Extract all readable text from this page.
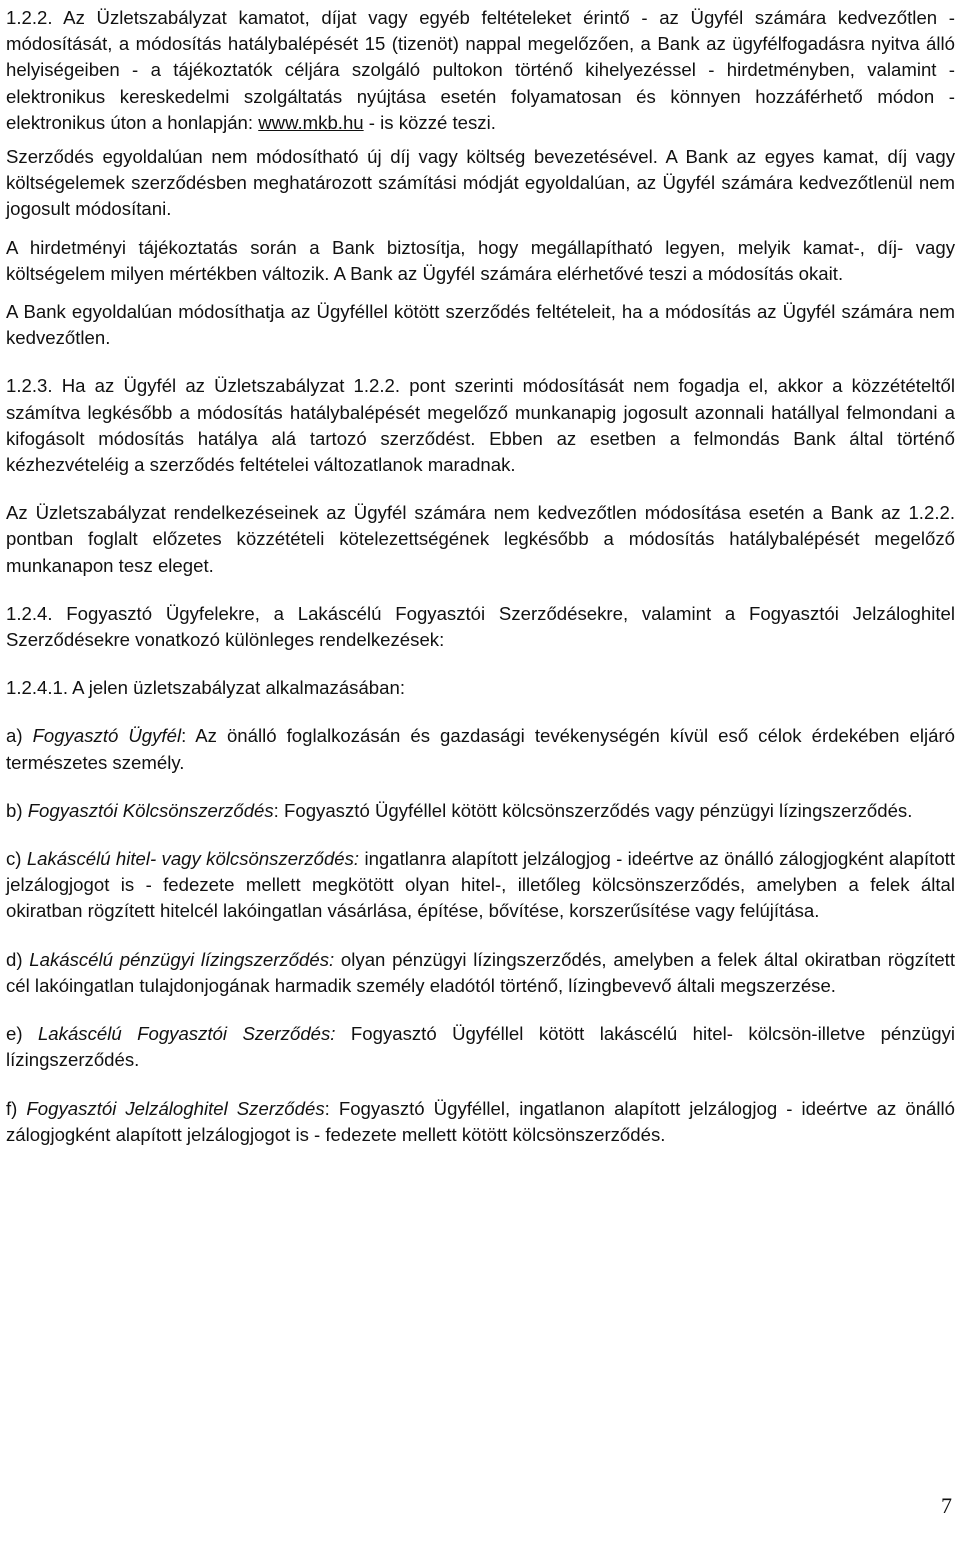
1.2.2. Az Üzletszabályzat kamatot, díjat vagy egyéb feltételeket érintő - az Ügyfél számára kedvezőtlen - módosítását, a módosítás hatálybalépését 15 (tizenöt) nappal megelőzően, a Bank az ügyfélfogadásra nyitva álló helyiségeiben - a tájékoztatók céljára szolgáló pultokon történő kihelyezéssel - hirdetményben, valamint - elektronikus kereskedelmi szolgáltatás nyújtása esetén folyamatosan és könnyen hozzáférhető módon - elektronikus úton a honlapján: www.mkb.hu - is közzé teszi.

Szerződés egyoldalúan nem módosítható új díj vagy költség bevezetésével. A Bank az egyes kamat, díj vagy költségelemek szerződésben meghatározott számítási módját egyoldalúan, az Ügyfél számára kedvezőtlenül nem jogosult módosítani.

A hirdetményi tájékoztatás során a Bank biztosítja, hogy megállapítható legyen, melyik kamat-, díj- vagy költségelem milyen mértékben változik. A Bank az Ügyfél számára elérhetővé teszi a módosítás okait.

A Bank egyoldalúan módosíthatja az Ügyféllel kötött szerződés feltételeit, ha a módosítás az Ügyfél számára nem kedvezőtlen.

1.2.3. Ha az Ügyfél az Üzletszabályzat 1.2.2. pont szerinti módosítását nem fogadja el, akkor a közzétételtől számítva legkésőbb a módosítás hatálybalépését megelőző munkanapig jogosult azonnali hatállyal felmondani a kifogásolt módosítás hatálya alá tartozó szerződést. Ebben az esetben a felmondás Bank által történő kézhezvételéig a szerződés feltételei változatlanok maradnak.

Az Üzletszabályzat rendelkezéseinek az Ügyfél számára nem kedvezőtlen módosítása esetén a Bank az 1.2.2. pontban foglalt előzetes közzétételi kötelezettségének legkésőbb a módosítás hatálybalépését megelőző munkanapon tesz eleget.

1.2.4. Fogyasztó Ügyfelekre, a Lakáscélú Fogyasztói Szerződésekre, valamint a Fogyasztói Jelzáloghitel Szerződésekre vonatkozó különleges rendelkezések:

1.2.4.1. A jelen üzletszabályzat alkalmazásában:

a) Fogyasztó Ügyfél: Az önálló foglalkozásán és gazdasági tevékenységén kívül eső célok érdekében eljáró természetes személy.

b) Fogyasztói Kölcsönszerződés: Fogyasztó Ügyféllel kötött kölcsönszerződés vagy pénzügyi lízingszerződés.

c) Lakáscélú hitel- vagy kölcsönszerződés: ingatlanra alapított jelzálogjog - ideértve az önálló zálogjogként alapított jelzálogjogot is - fedezete mellett megkötött olyan hitel-, illetőleg kölcsönszerződés, amelyben a felek által okiratban rögzített hitelcél lakóingatlan vásárlása, építése, bővítése, korszerűsítése vagy felújítása.

d) Lakáscélú pénzügyi lízingszerződés: olyan pénzügyi lízingszerződés, amelyben a felek által okiratban rögzített cél lakóingatlan tulajdonjogának harmadik személy eladótól történő, lízingbevevő általi megszerzése.

e) Lakáscélú Fogyasztói Szerződés: Fogyasztó Ügyféllel kötött lakáscélú hitel- kölcsön-illetve pénzügyi lízingszerződés.

f) Fogyasztói Jelzáloghitel Szerződés: Fogyasztó Ügyféllel, ingatlanon alapított jelzálogjog - ideértve az önálló zálogjogként alapított jelzálogjogot is - fedezete mellett kötött kölcsönszerződés.

7
